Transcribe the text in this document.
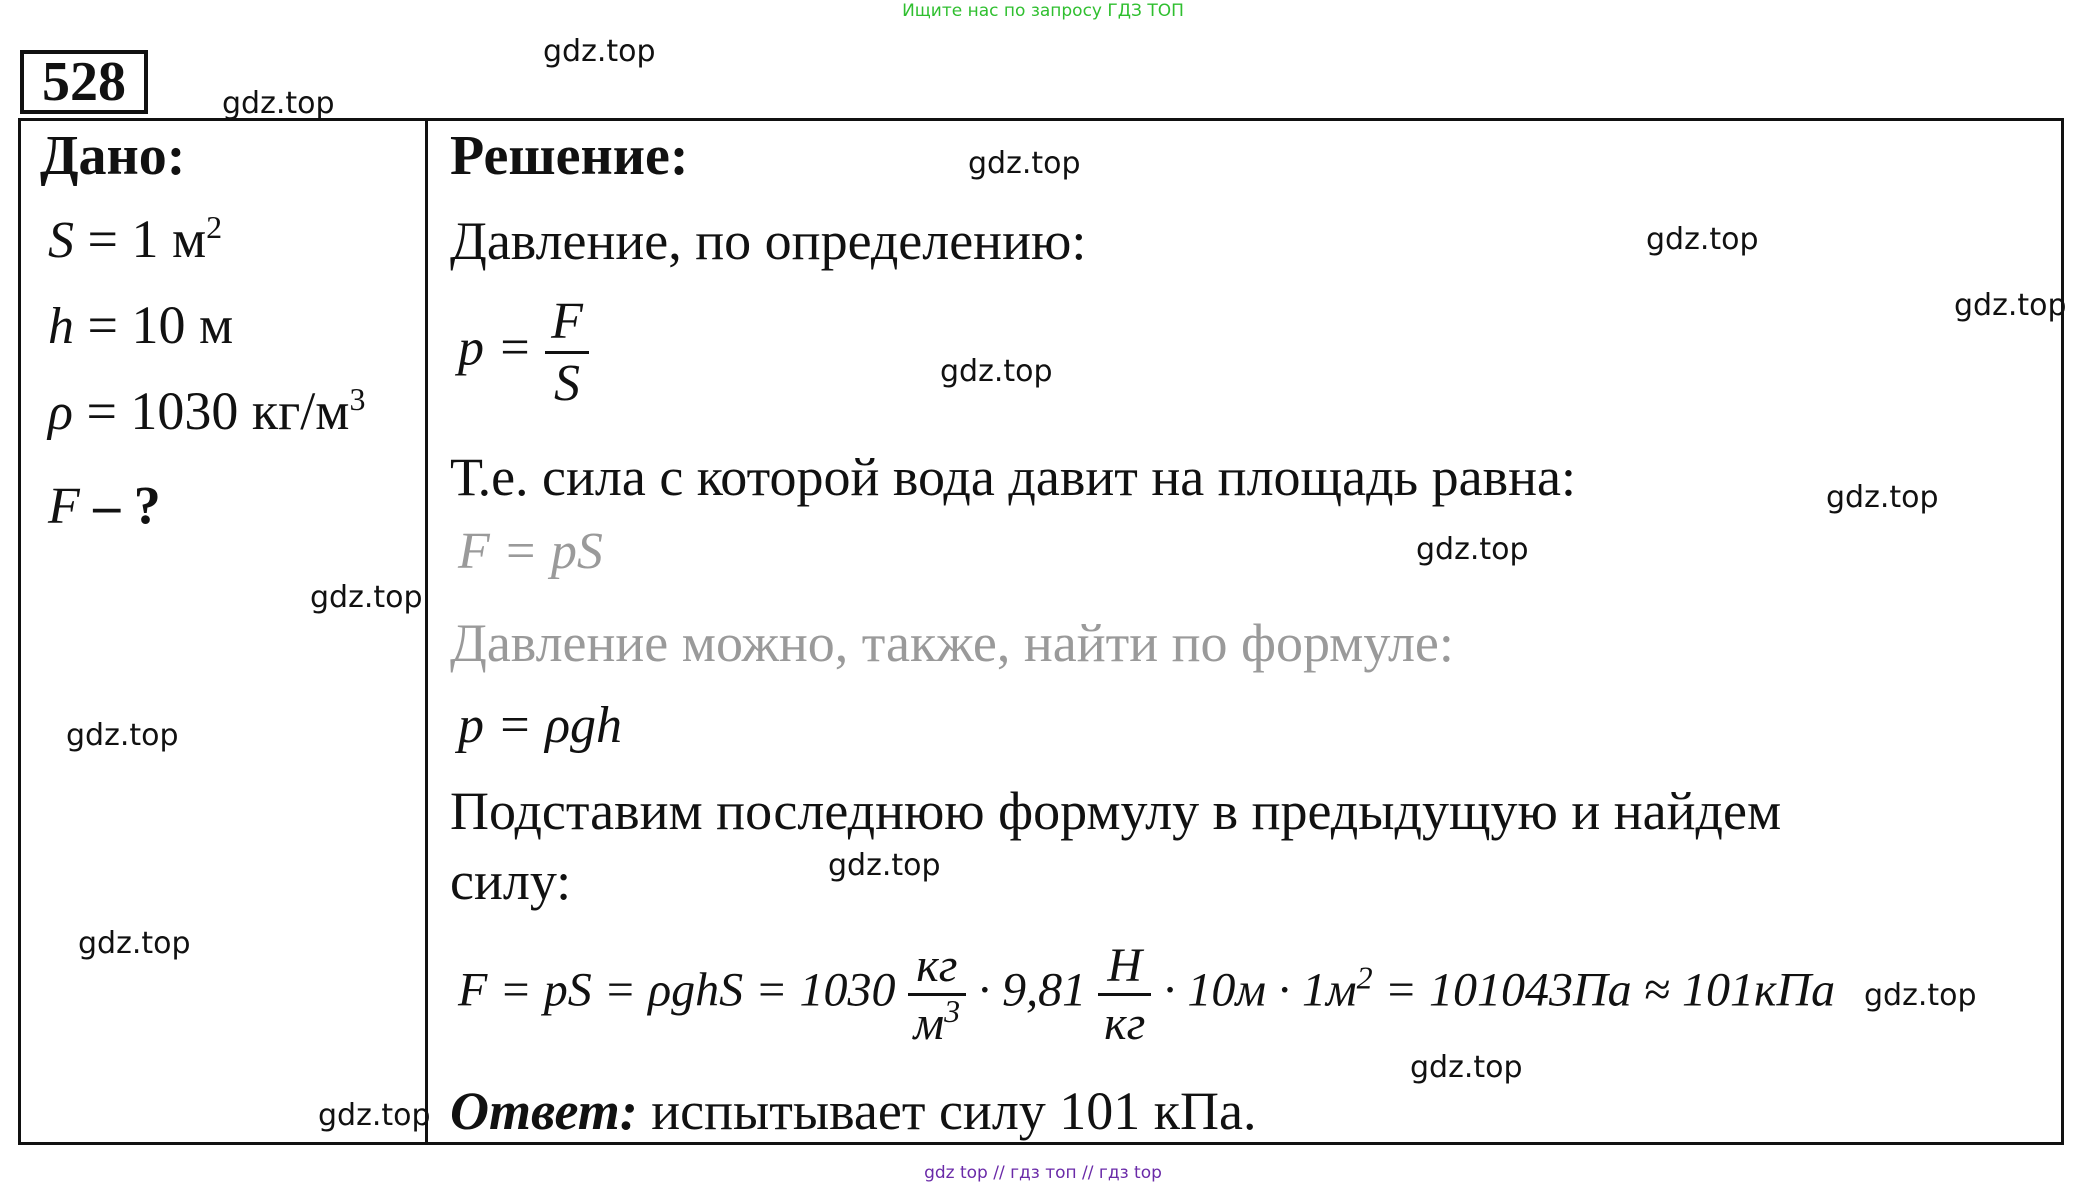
Ищите нас по запросу ГДЗ ТОП
528
Дано:
S = 1 $м^2$
h = 10 м
ρ = 1030 $кг/м^3$
F – ?
Решение:
Давление, по определению:
$p = \frac{F}{S}$
Т.е. сила с которой вода давит на площадь равна:
F = pS
Давление можно, также, найти по формуле:
p = ρgh
Подставим последнюю формулу в предыдущую и найдем
силу:
F = pS = $\rho ghS = 1030 \frac{кг}{м^3} \cdot 9,81 \frac{Н}{кг} \cdot 10м \cdot 1м^2 = 101043Па \approx 101кПа$
Ответ: испытывает силу 101 кПа.
gdz.top
gdz.top
gdz.top
gdz.top
gdz.top
gdz.top
gdz.top
gdz.top
gdz.top
gdz.top
gdz.top
gdz.top
gdz.top
gdz.top
gdz.top
gdz top // гдз топ // гдз top
